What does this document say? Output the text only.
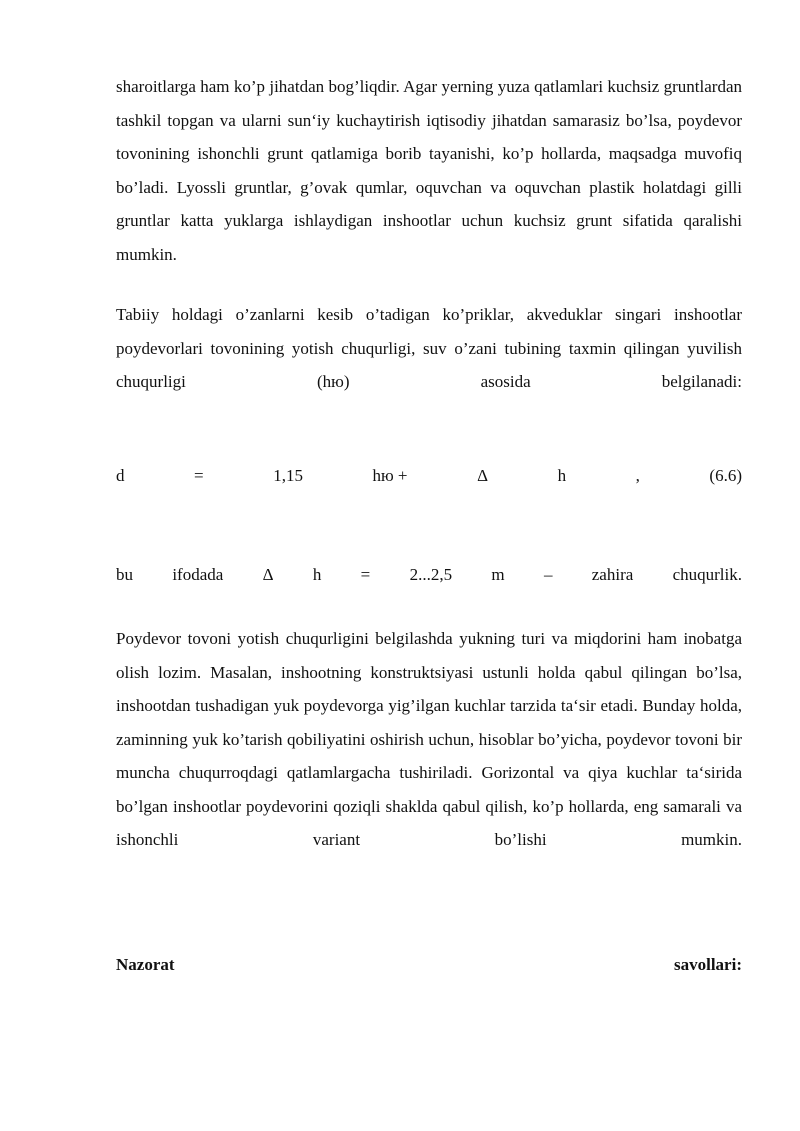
sharoitlarga ham ko’p jihatdan bog’liqdir. Agar yerning yuza qatlamlari kuchsiz gruntlardan tashkil topgan va ularni sun‘iy kuchaytirish iqtisodiy jihatdan samarasiz bo’lsa, poydevor tovonining ishonchli grunt qatlamiga borib tayanishi, ko’p hollarda, maqsadga muvofiq bo’ladi. Lyossli gruntlar, g’ovak qumlar, oquvchan va oquvchan plastik holatdagi gilli gruntlar katta yuklarga ishlaydigan inshootlar uchun kuchsiz grunt sifatida qaralishi mumkin.
Tabiiy holdagi o’zanlarni kesib o’tadigan ko’priklar, akveduklar singari inshootlar poydevorlari tovonining yotish chuqurligi, suv o’zani tubining taxmin qilingan yuvilish chuqurligi (hю) asosida belgilanadi:
d	=	1,15	hю +	Δ	h	,	(6.6)
bu ifodada Δ h = 2...2,5 m – zahira chuqurlik.
Poydevor tovoni yotish chuqurligini belgilashda yukning turi va miqdorini ham inobatga olish lozim. Masalan, inshootning konstruktsiyasi ustunli holda qabul qilingan bo’lsa, inshootdan tushadigan yuk poydevorga yig’ilgan kuchlar tarzida ta‘sir etadi. Bunday holda, zaminning yuk ko’tarish qobiliyatini oshirish uchun, hisoblar bo’yicha, poydevor tovoni bir muncha chuqurroqdagi qatlamlargacha tushiriladi. Gorizontal va qiya kuchlar ta‘sirida bo’lgan inshootlar poydevorini qoziqli shaklda qabul qilish, ko’p hollarda, eng samarali va ishonchli variant bo’lishi mumkin.
Nazorat	savollari:
